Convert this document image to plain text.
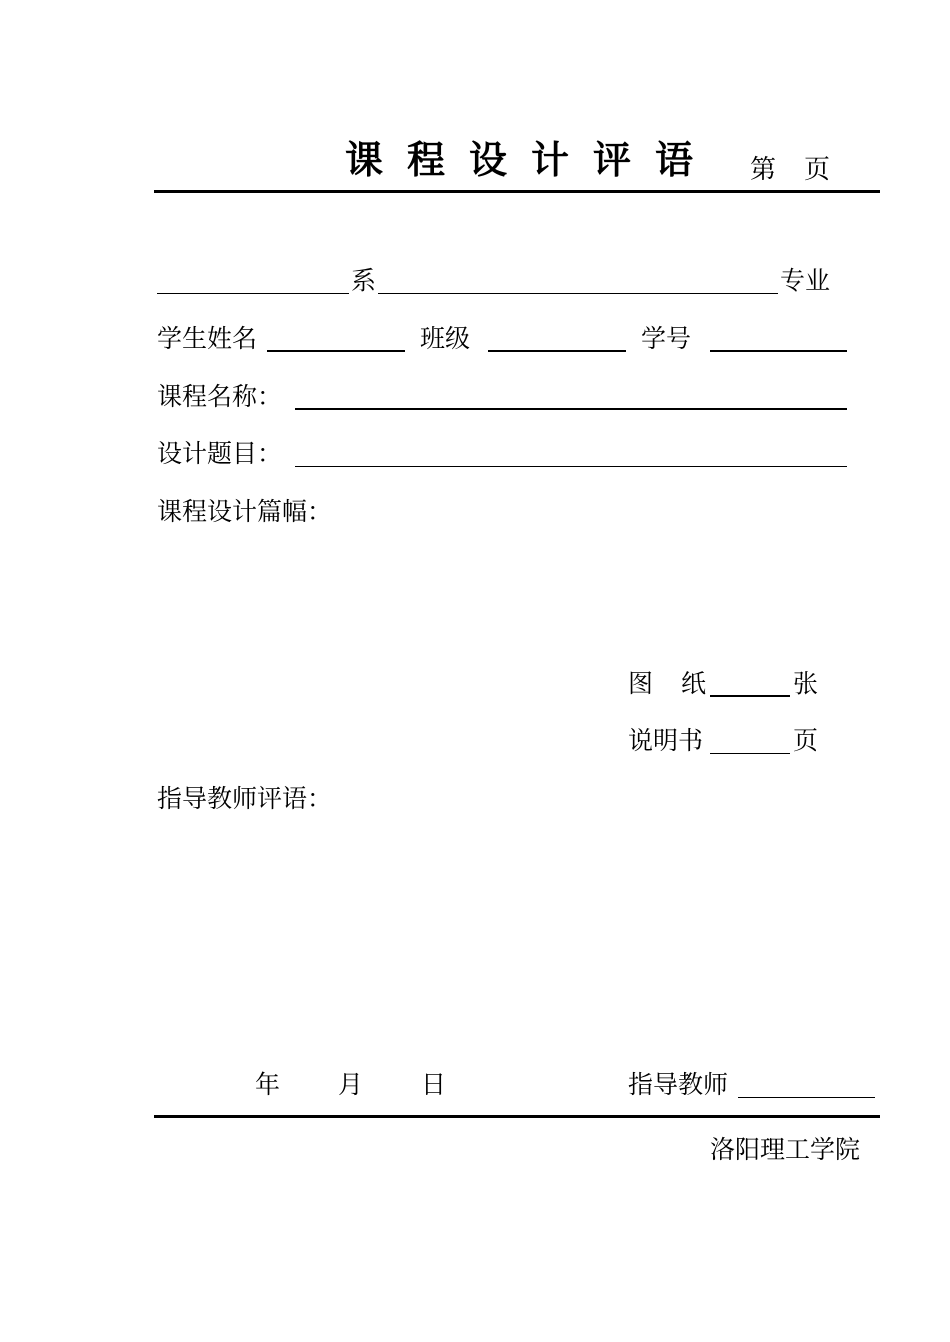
课程设计评语 第 页
系	专业
学生姓名	班级	学号
课程名称：
设计题目：
课程设计篇幅：
图 纸	张
说明书	页
指导教师评语：
年 月 日	指导教师
洛阳理工学院
